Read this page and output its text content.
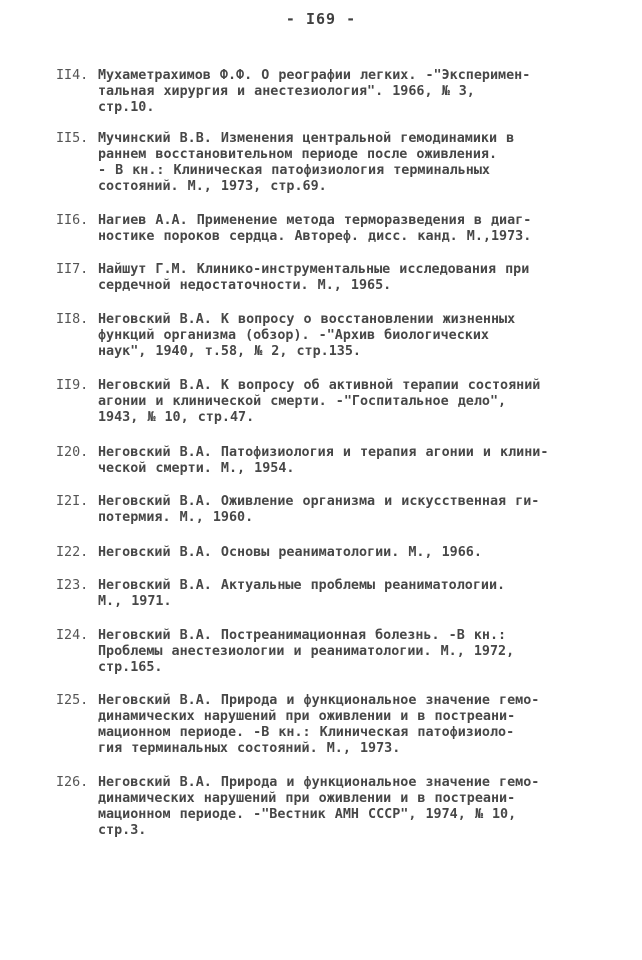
- I69 -
II4. Мухаметрахимов Ф.Ф. О реографии легких. -"Эксперимен-
тальная хирургия и анестезиология". 1966, № 3,
стр.10.
II5. Мучинский В.В. Изменения центральной гемодинамики в
раннем восстановительном периоде после оживления.
- В кн.: Клиническая патофизиология терминальных
состояний. М., 1973, стр.69.
II6. Нагиев А.А. Применение метода терморазведения в диаг-
ностике пороков сердца. Автореф. дисс. канд. М.,1973.
II7. Найшут Г.М. Клинико-инструментальные исследования при
сердечной недостаточности. М., 1965.
II8. Неговский В.А. К вопросу о восстановлении жизненных
функций организма (обзор). -"Архив биологических
наук", 1940, т.58, № 2, стр.135.
II9. Неговский В.А. К вопросу об активной терапии состояний
агонии и клинической смерти. -"Госпитальное дело",
1943, № 10, стр.47.
I20. Неговский В.А. Патофизиология и терапия агонии и клини-
ческой смерти. М., 1954.
I2I. Неговский В.А. Оживление организма и искусственная ги-
потермия. М., 1960.
I22. Неговский В.А. Основы реаниматологии. М., 1966.
I23. Неговский В.А. Актуальные проблемы реаниматологии.
М., 1971.
I24. Неговский В.А. Постреанимационная болезнь. -В кн.:
Проблемы анестезиологии и реаниматологии. М., 1972,
стр.165.
I25. Неговский В.А. Природа и функциональное значение гемо-
динамических нарушений при оживлении и в постреани-
мационном периоде. -В кн.: Клиническая патофизиоло-
гия терминальных состояний. М., 1973.
I26. Неговский В.А. Природа и функциональное значение гемо-
динамических нарушений при оживлении и в постреани-
мационном периоде. -"Вестник АМН СССР", 1974, № 10,
стр.3.
